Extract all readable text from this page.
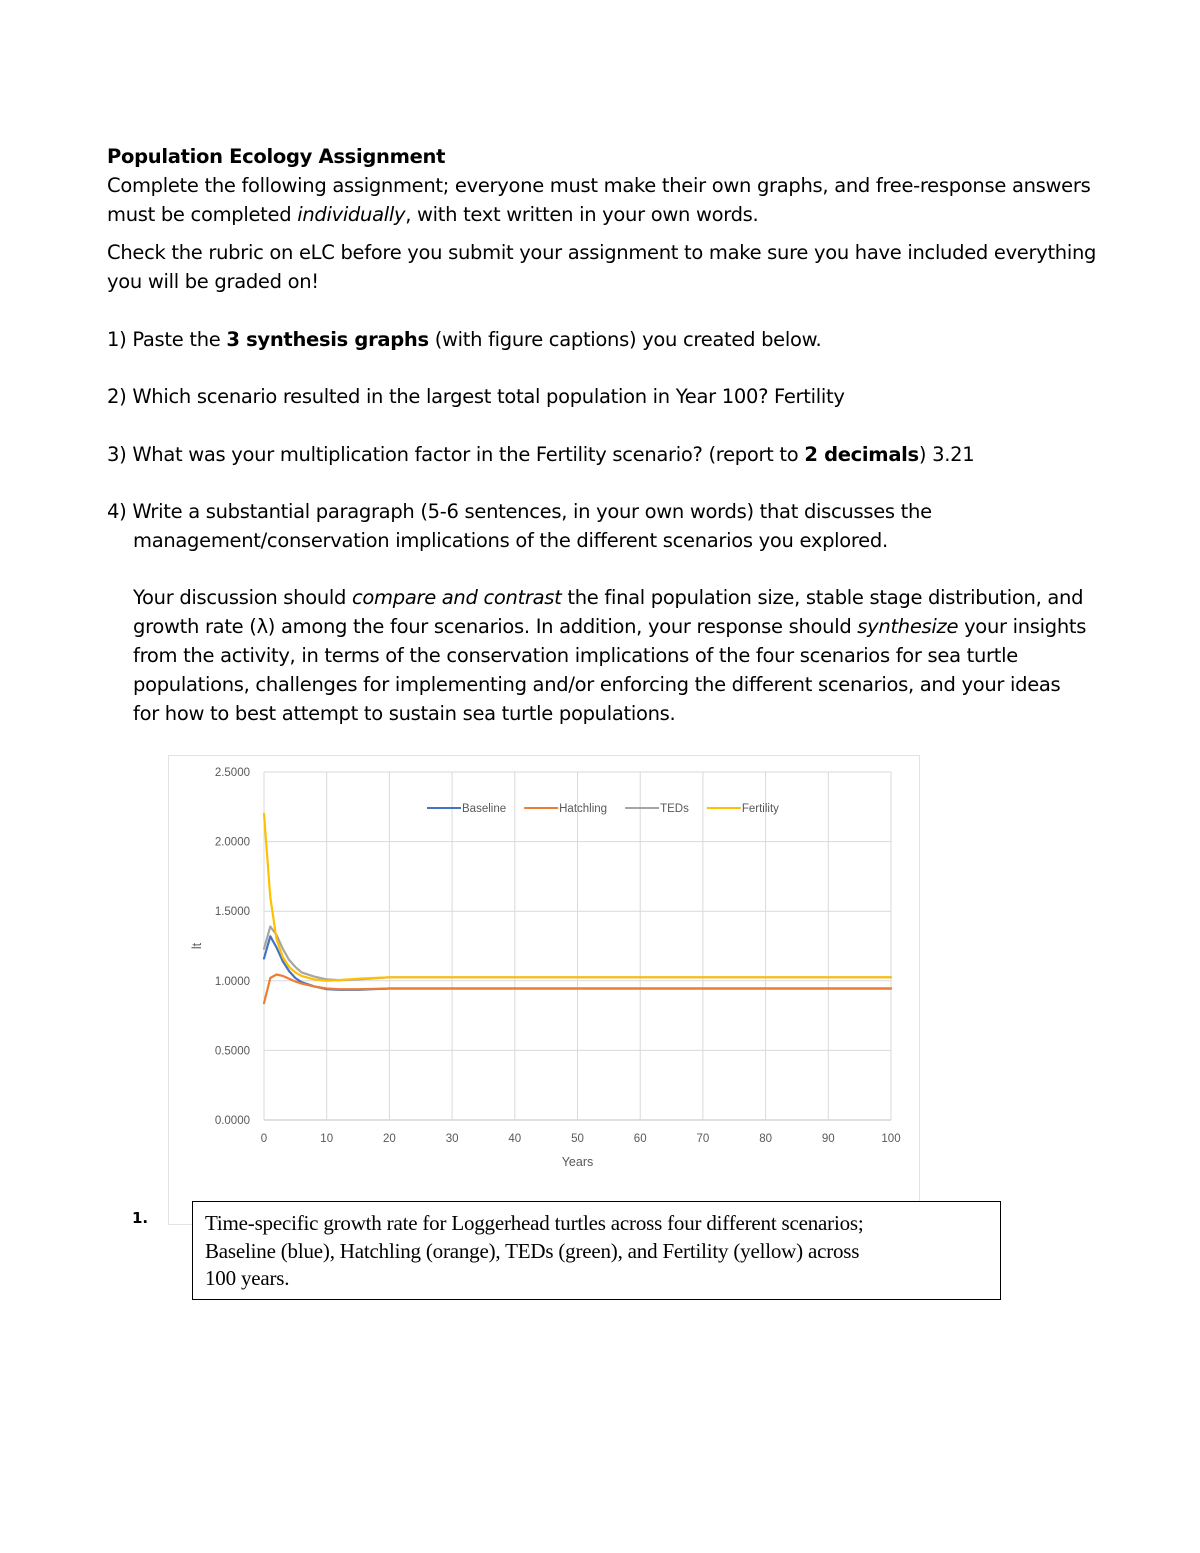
Population Ecology Assignment

Complete the following assignment; everyone must make their own graphs, and free-response answers

must be completed individually, with text written in your own words.

Check the rubric on eLC before you submit your assignment to make sure you have included everything

you will be graded on!

1) Paste the 3 synthesis graphs (with figure captions) you created below.

2) Which scenario resulted in the largest total population in Year 100? Fertility

3) What was your multiplication factor in the Fertility scenario? (report to 2 decimals) 3.21

4) Write a substantial paragraph (5-6 sentences, in your own words) that discusses the

management/conservation implications of the different scenarios you explored.

Your discussion should compare and contrast the final population size, stable stage distribution, and

growth rate (λ) among the four scenarios. In addition, your response should synthesize your insights

from the activity, in terms of the conservation implications of the four scenarios for sea turtle

populations, challenges for implementing and/or enforcing the different scenarios, and your ideas

for how to best attempt to sustain sea turtle populations.

0.0000
0.5000
1.0000
1.5000
2.0000
2.5000
0	10	20	30	40	50	60	70	80	90	100
Years
lt
Baseline	Hatchling	TEDs	Fertility
1.	Time-specific growth rate for Loggerhead turtles across four different scenarios;
Baseline (blue), Hatchling (orange), TEDs (green), and Fertility (yellow) across
100 years.
